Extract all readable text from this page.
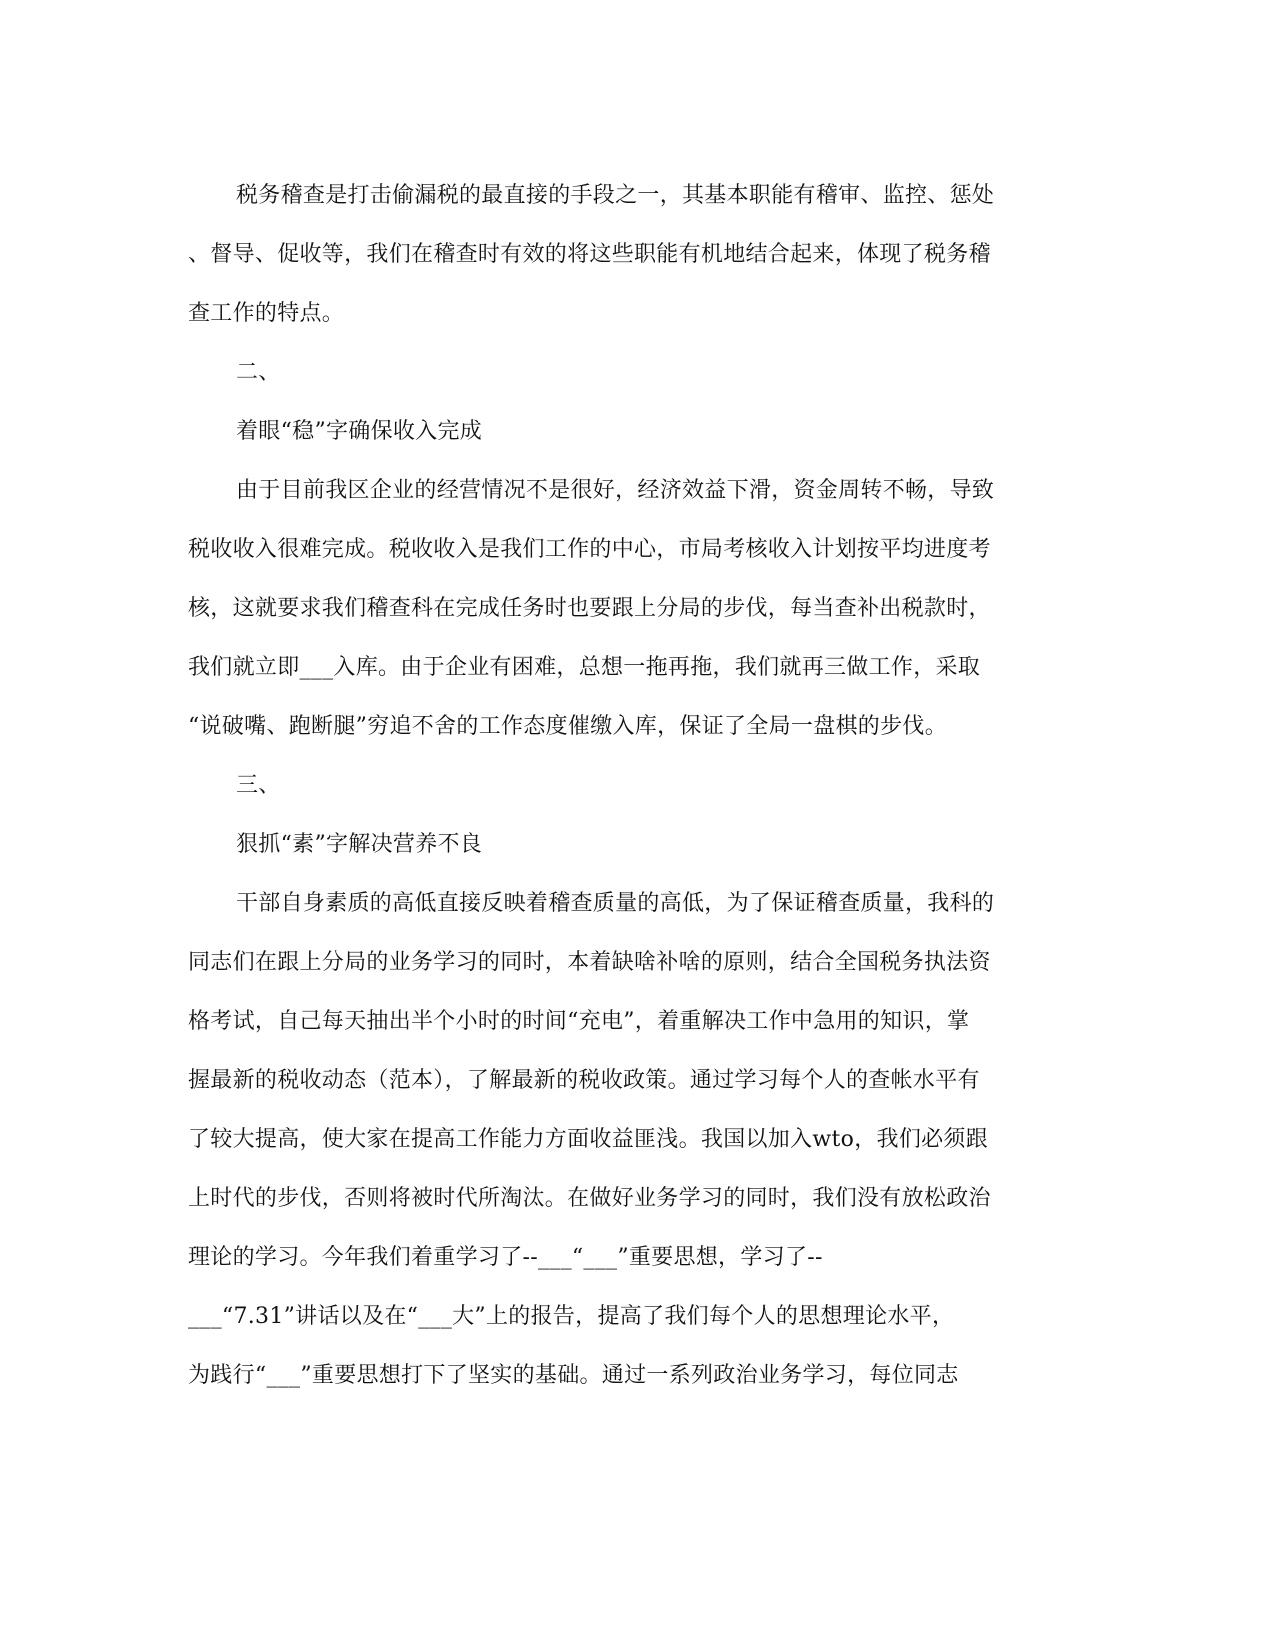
税务稽查是打击偷漏税的最直接的手段之一，其基本职能有稽审、监控、惩处
、督导、促收等，我们在稽查时有效的将这些职能有机地结合起来，体现了税务稽
查工作的特点。
二、
着眼“稳”字确保收入完成
由于目前我区企业的经营情况不是很好，经济效益下滑，资金周转不畅，导致
税收收入很难完成。税收收入是我们工作的中心，市局考核收入计划按平均进度考
核，这就要求我们稽查科在完成任务时也要跟上分局的步伐，每当查补出税款时，
我们就立即___入库。由于企业有困难，总想一拖再拖，我们就再三做工作，采取
“说破嘴、跑断腿”穷追不舍的工作态度催缴入库，保证了全局一盘棋的步伐。
三、
狠抓“素”字解决营养不良
干部自身素质的高低直接反映着稽查质量的高低，为了保证稽查质量，我科的
同志们在跟上分局的业务学习的同时，本着缺啥补啥的原则，结合全国税务执法资
格考试，自己每天抽出半个小时的时间“充电”，着重解决工作中急用的知识，掌
握最新的税收动态（范本），了解最新的税收政策。通过学习每个人的查帐水平有
了较大提高，使大家在提高工作能力方面收益匪浅。我国以加入wto，我们必须跟
上时代的步伐，否则将被时代所淘汰。在做好业务学习的同时，我们没有放松政治
理论的学习。今年我们着重学习了--___“___”重要思想，学习了--
___“7.31”讲话以及在“___大”上的报告，提高了我们每个人的思想理论水平，
为践行“___”重要思想打下了坚实的基础。通过一系列政治业务学习，每位同志
